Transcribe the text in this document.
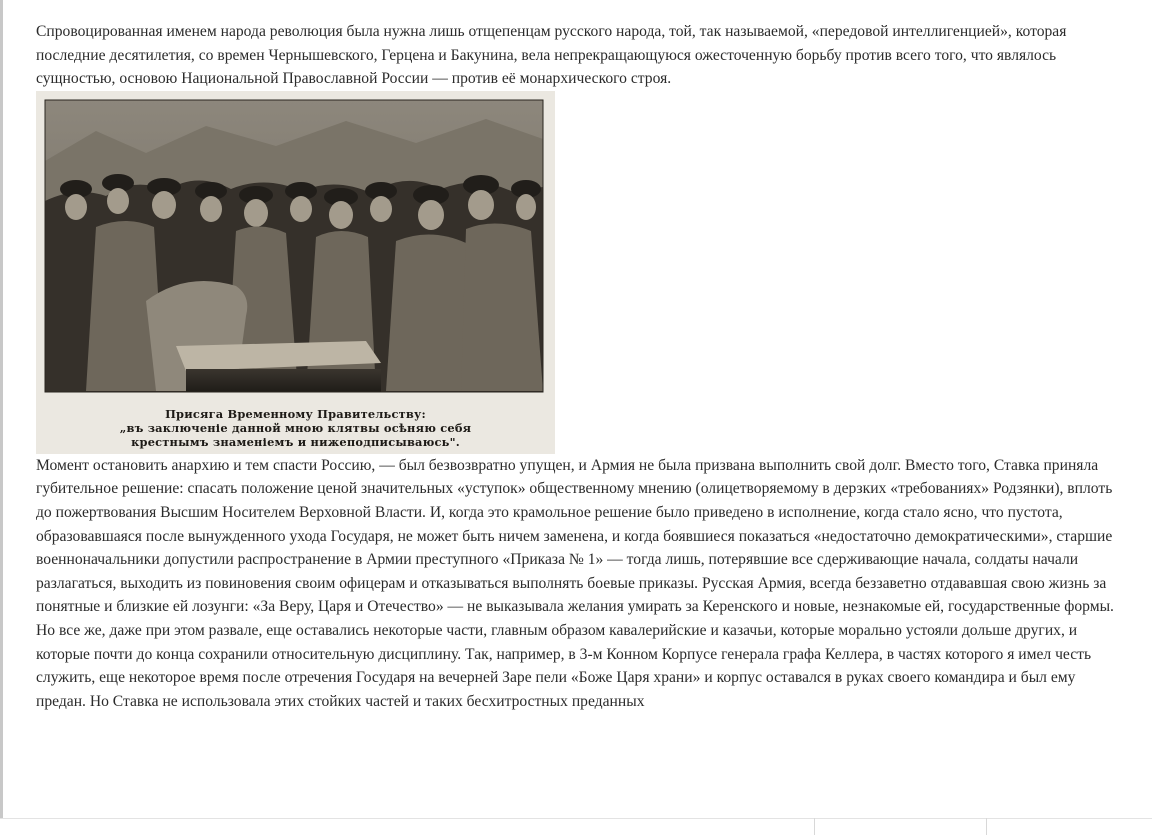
Спровоцированная именем народа революция была нужна лишь отщепенцам русского народа, той, так называемой, «передовой интеллигенцией», которая последние десятилетия, со времен Чернышевского, Герцена и Бакунина, вела непрекращающуюся ожесточенную борьбу против всего того, что являлось сущностью, основою Национальной Православной России — против её монархического строя.

Присяга Временному Правительству:
„въ заключеніе данной мною клятвы осѣняю себя
крестнымъ знаменіемъ и нижеподписываюсь".

Момент остановить анархию и тем спасти Россию, — был безвозвратно упущен, и Армия не была призвана выполнить свой долг. Вместо того, Ставка приняла губительное решение: спасать положение ценой значительных «уступок» общественному мнению (олицетворяемому в дерзких «требованиях» Родзянки), вплоть до пожертвования Высшим Носителем Верховной Власти. И, когда это крамольное решение было приведено в исполнение, когда стало ясно, что пустота, образовавшаяся после вынужденного ухода Государя, не может быть ничем заменена, и когда боявшиеся показаться «недостаточно демократическими», старшие военноначальники допустили распространение в Армии преступного «Приказа № 1» — тогда лишь, потерявшие все сдерживающие начала, солдаты начали разлагаться, выходить из повиновения своим офицерам и отказываться выполнять боевые приказы. Русская Армия, всегда беззаветно отдававшая свою жизнь за понятные и близкие ей лозунги: «За Веру, Царя и Отечество» — не выказывала желания умирать за Керенского и новые, незнакомые ей, государственные формы.

Но все же, даже при этом развале, еще оставались некоторые части, главным образом кавалерийские и казачьи, которые морально устояли дольше других, и которые почти до конца сохранили относительную дисциплину. Так, например, в 3-м Конном Корпусе генерала графа Келлера, в частях которого я имел честь служить, еще некоторое время после отречения Государя на вечерней Заре пели «Боже Царя храни» и корпус оставался в руках своего командира и был ему предан. Но Ставка не использовала этих стойких частей и таких бесхитростных преданных
